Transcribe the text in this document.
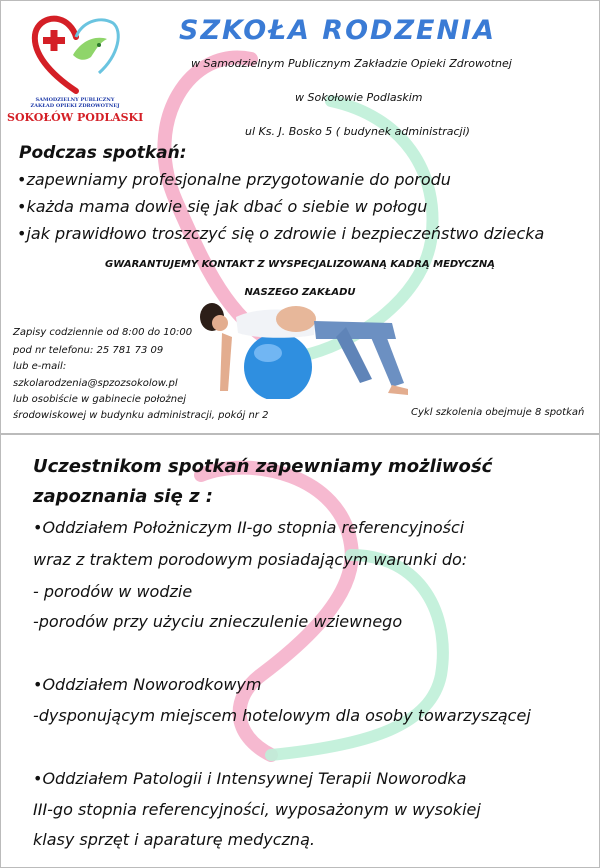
SAMODZIELNY PUBLICZNY
ZAKŁAD OPIEKI ZDROWOTNEJ
SOKOŁÓW PODLASKI
SZKOŁA RODZENIA
w Samodzielnym Publicznym Zakładzie Opieki Zdrowotnej
w Sokołowie Podlaskim
ul Ks. J. Bosko 5 ( budynek administracji)
Podczas spotkań:
•zapewniamy profesjonalne przygotowanie do porodu
•każda mama dowie się jak dbać o siebie w połogu
•jak prawidłowo troszczyć się o zdrowie i bezpieczeństwo dziecka
GWARANTUJEMY KONTAKT Z WYSPECJALIZOWANĄ KADRĄ MEDYCZNĄ
NASZEGO ZAKŁADU
Zapisy codziennie od 8:00 do 10:00
pod nr telefonu: 25 781 73 09
lub e-mail:
szkolarodzenia@spzozsokolow.pl
lub osobiście w gabinecie położnej
środowiskowej w budynku administracji, pokój nr 2	Cykl szkolenia obejmuje 8 spotkań
Uczestnikom spotkań zapewniamy możliwość
zapoznania się z :
•Oddziałem Położniczym II-go stopnia referencyjności
wraz z traktem porodowym posiadającym warunki do:
- porodów w wodzie
-porodów przy użyciu znieczulenie wziewnego
•Oddziałem Noworodkowym
-dysponującym miejscem hotelowym dla osoby towarzyszącej
•Oddziałem Patologii i Intensywnej Terapii Noworodka
III-go stopnia referencyjności, wyposażonym w wysokiej
klasy sprzęt i aparaturę medyczną.
